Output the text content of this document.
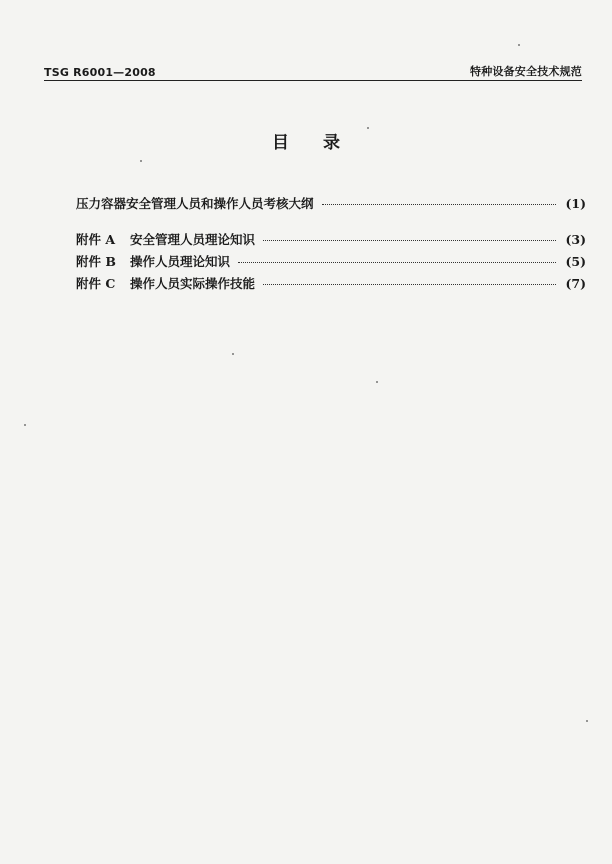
TSG R6001—2008	特种设备安全技术规范
目录
压力容器安全管理人员和操作人员考核大纲	(1)
附件 A	安全管理人员理论知识	(3)
附件 B	操作人员理论知识	(5)
附件 C	操作人员实际操作技能	(7)
